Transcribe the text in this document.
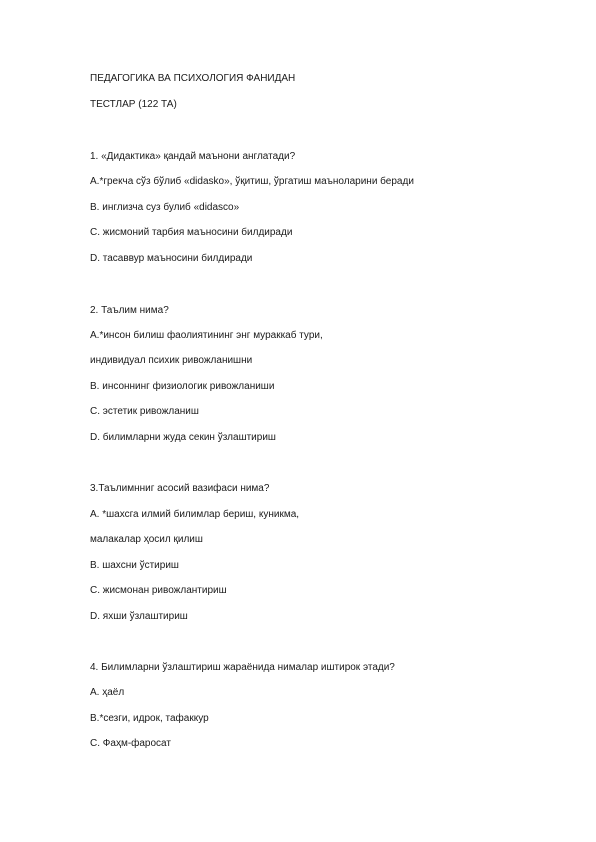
ПЕДАГОГИКА ВА ПСИХОЛОГИЯ ФАНИДАН
ТЕСТЛАР (122 ТА)
1. «Дидактика» қандай маънони англатади?
A.*грекча сўз бўлиб «didasko», ўқитиш, ўргатиш маъноларини беради
B. инглизча суз булиб «didasco»
C. жисмоний тарбия маъносини билдиради
D. тасаввур маъносини билдиради
2. Таълим нима?
A.*инсон билиш фаолиятининг энг мураккаб тури,
индивидуал психик ривожланишни
B. инсоннинг физиологик ривожланиши
C. эстетик ривожланиш
D. билимларни жуда секин ўзлаштириш
3.Таълимнниг асосий вазифаси нима?
A. *шахсга илмий билимлар бериш, куникма,
малакалар ҳосил қилиш
B. шахсни ўстириш
C. жисмонан ривожлантириш
D. яхши ўзлаштириш
4. Билимларни ўзлаштириш жараёнида нималар иштирок этади?
A. ҳаёл
B.*сезги, идрок, тафаккур
C. Фаҳм-фаросат
